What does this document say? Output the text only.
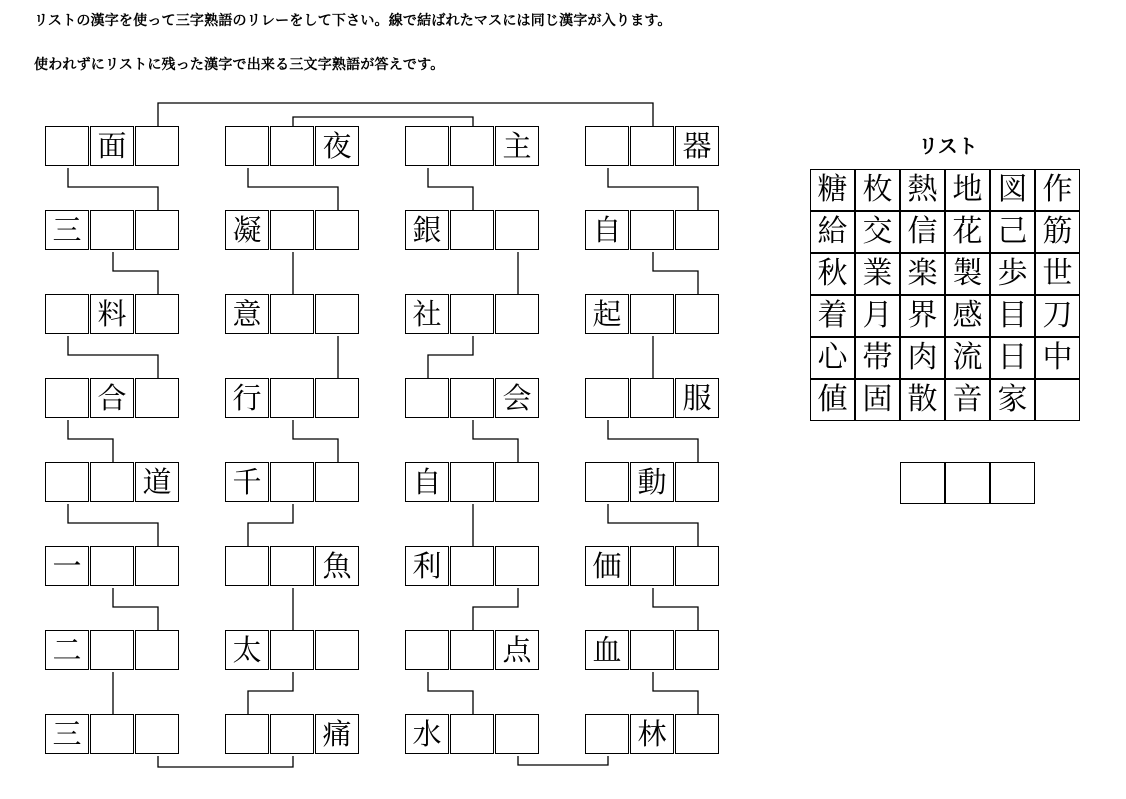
リストの漢字を使って三字熟語のリレーをして下さい。線で結ばれたマスには同じ漢字が入ります。
使われずにリストに残った漢字で出来る三文字熟語が答えです。
面
三
料
合
道
一
二
三
夜
凝
意
行
千
魚
太
痛
主
銀
社
会
自
利
点
水
器
自
起
服
動
価
血
林
リスト
糖 枚 熱 地 図 作
給 交 信 花 己 筋
秋 業 楽 製 歩 世
着 月 界 感 目 刀
心 帯 肉 流 日 中
値 固 散 音 家
